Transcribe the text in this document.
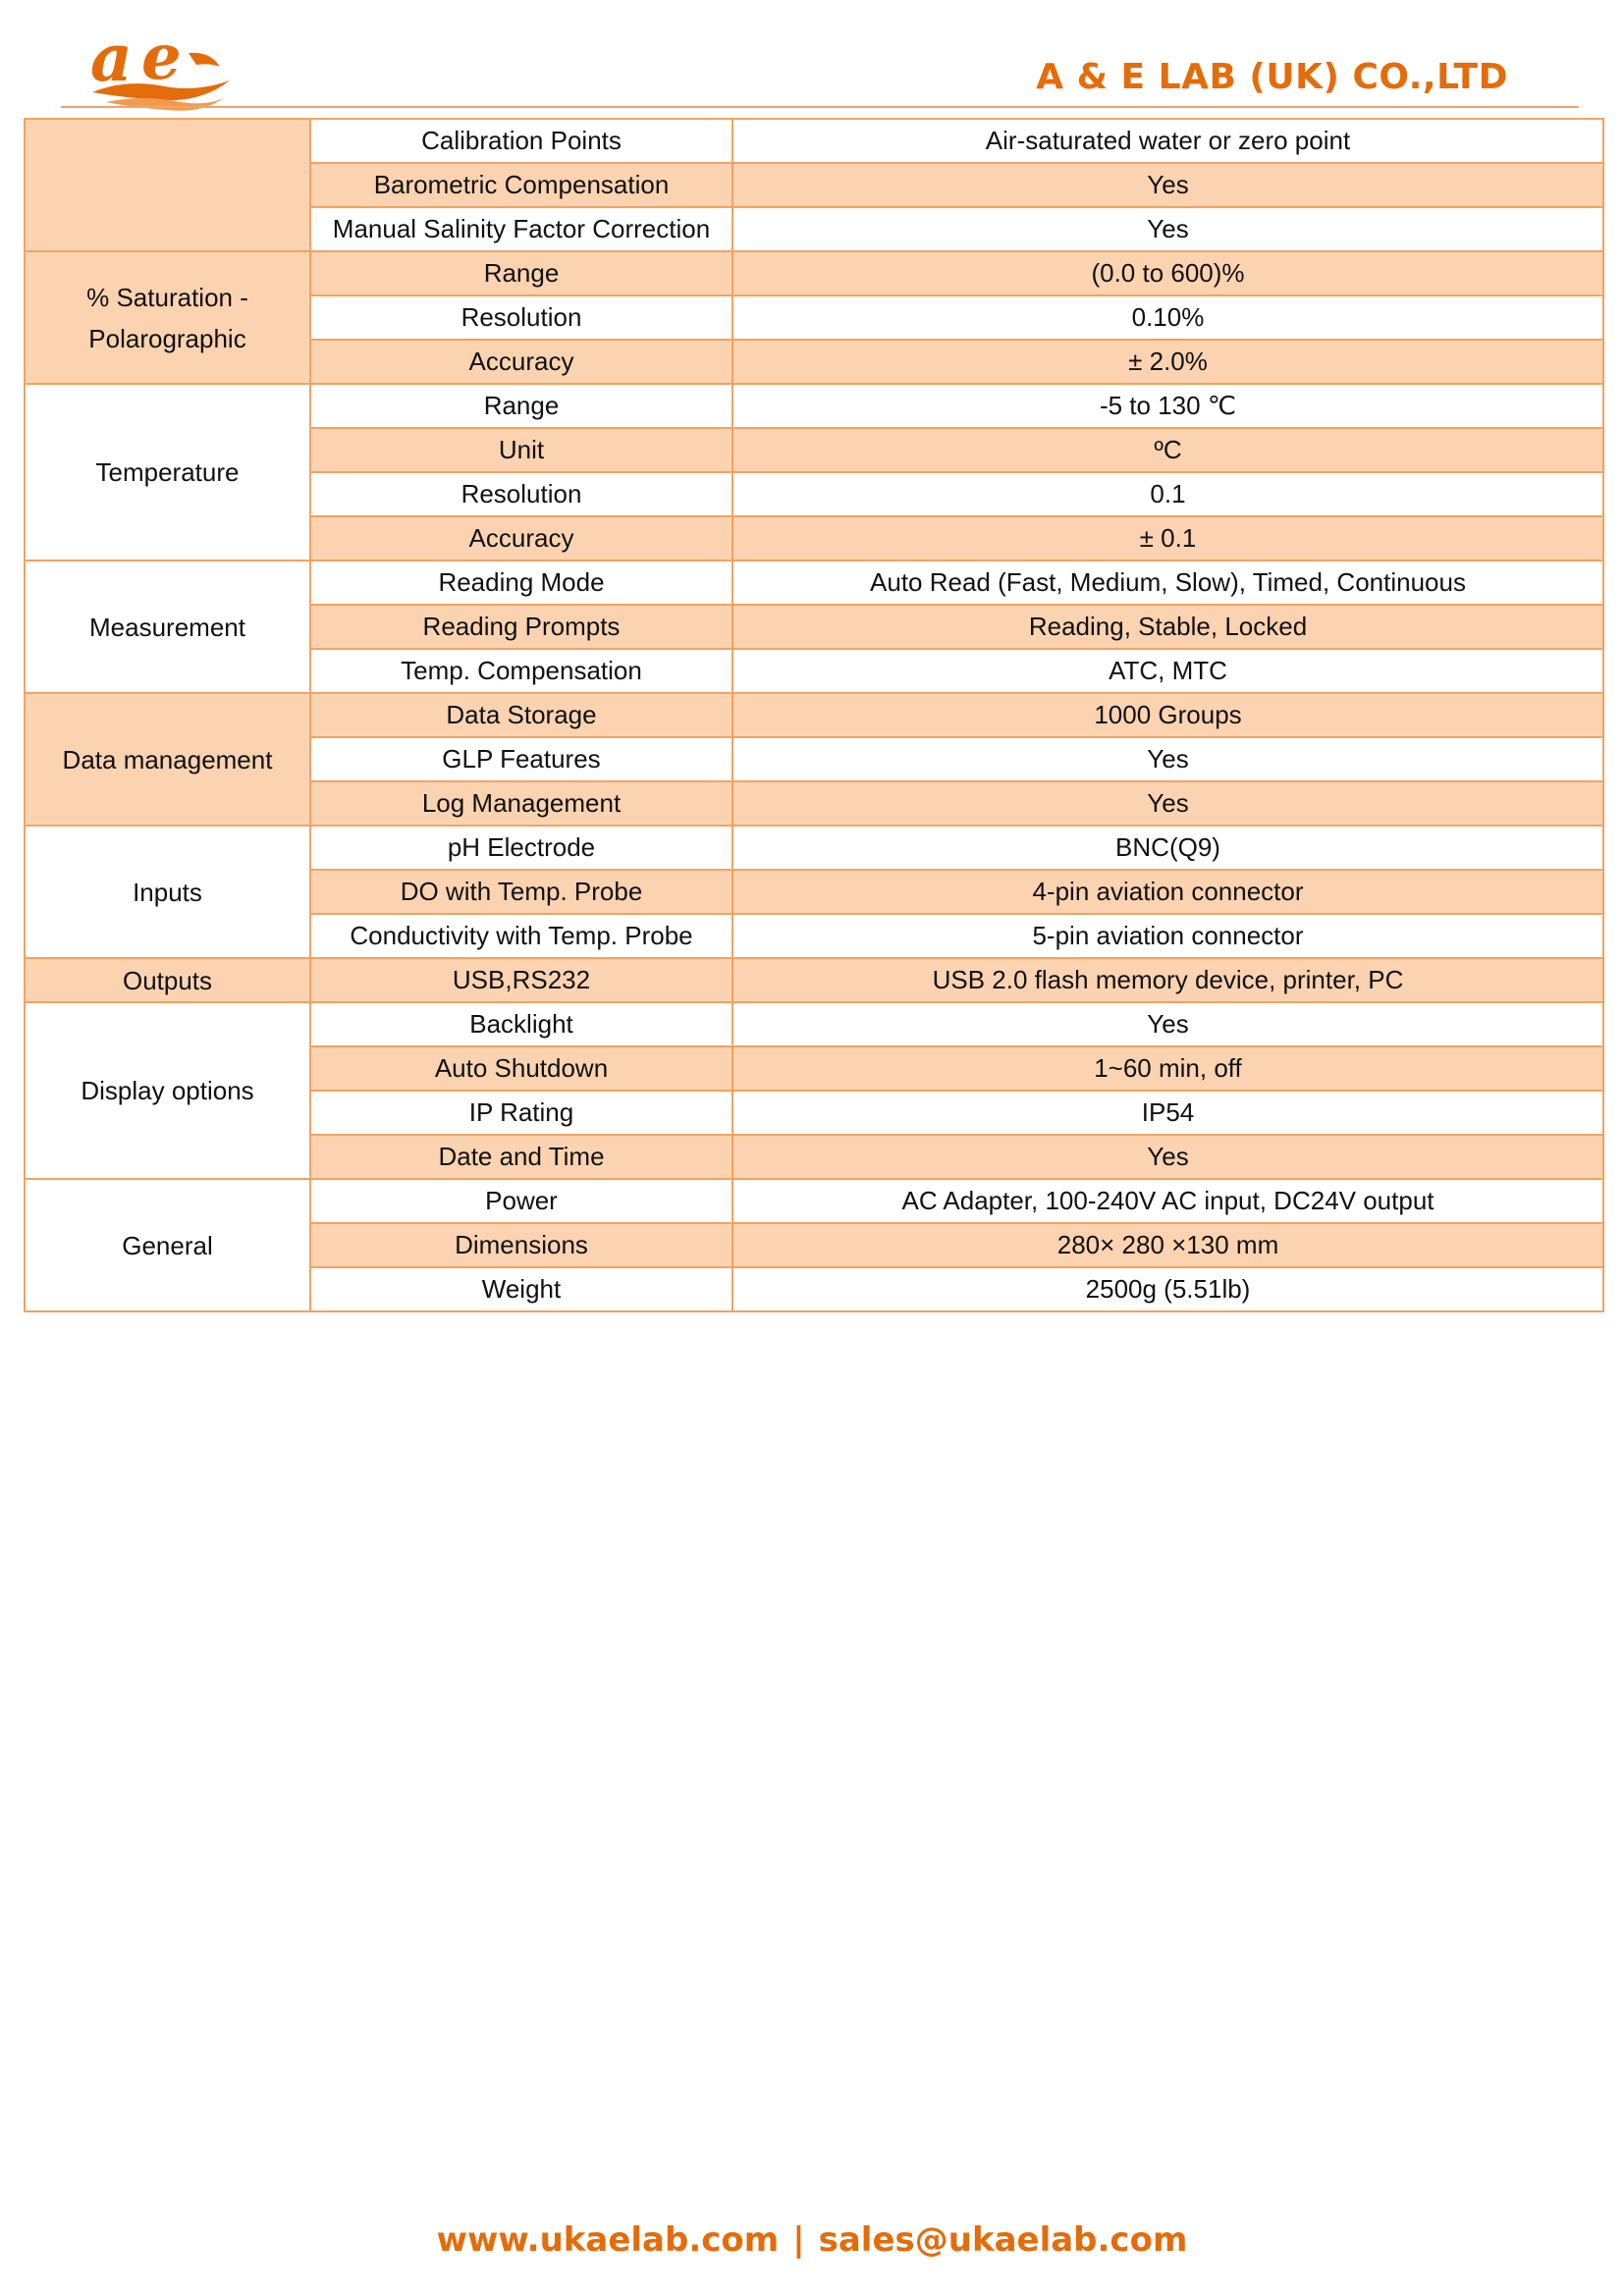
a e	A & E LAB (UK) CO.,LTD
	Calibration Points	Air-saturated water or zero point
	Barometric Compensation	Yes
	Manual Salinity Factor Correction	Yes
% Saturation -Polarographic	Range	(0.0 to 600)%
	Resolution	0.10%
	Accuracy	± 2.0%
Temperature	Range	-5 to 130 ℃
	Unit	ºC
	Resolution	0.1
	Accuracy	± 0.1
Measurement	Reading Mode	Auto Read (Fast, Medium, Slow), Timed, Continuous
	Reading Prompts	Reading, Stable, Locked
	Temp. Compensation	ATC, MTC
Data management	Data Storage	1000 Groups
	GLP Features	Yes
	Log Management	Yes
Inputs	pH Electrode	BNC(Q9)
	DO with Temp. Probe	4-pin aviation connector
	Conductivity with Temp. Probe	5-pin aviation connector
Outputs	USB,RS232	USB 2.0 flash memory device, printer, PC
Display options	Backlight	Yes
	Auto Shutdown	1~60 min, off
	IP Rating	IP54
	Date and Time	Yes
General	Power	AC Adapter, 100-240V AC input, DC24V output
	Dimensions	280× 280 ×130 mm
	Weight	2500g (5.51lb)
www.ukaelab.com | sales@ukaelab.com
